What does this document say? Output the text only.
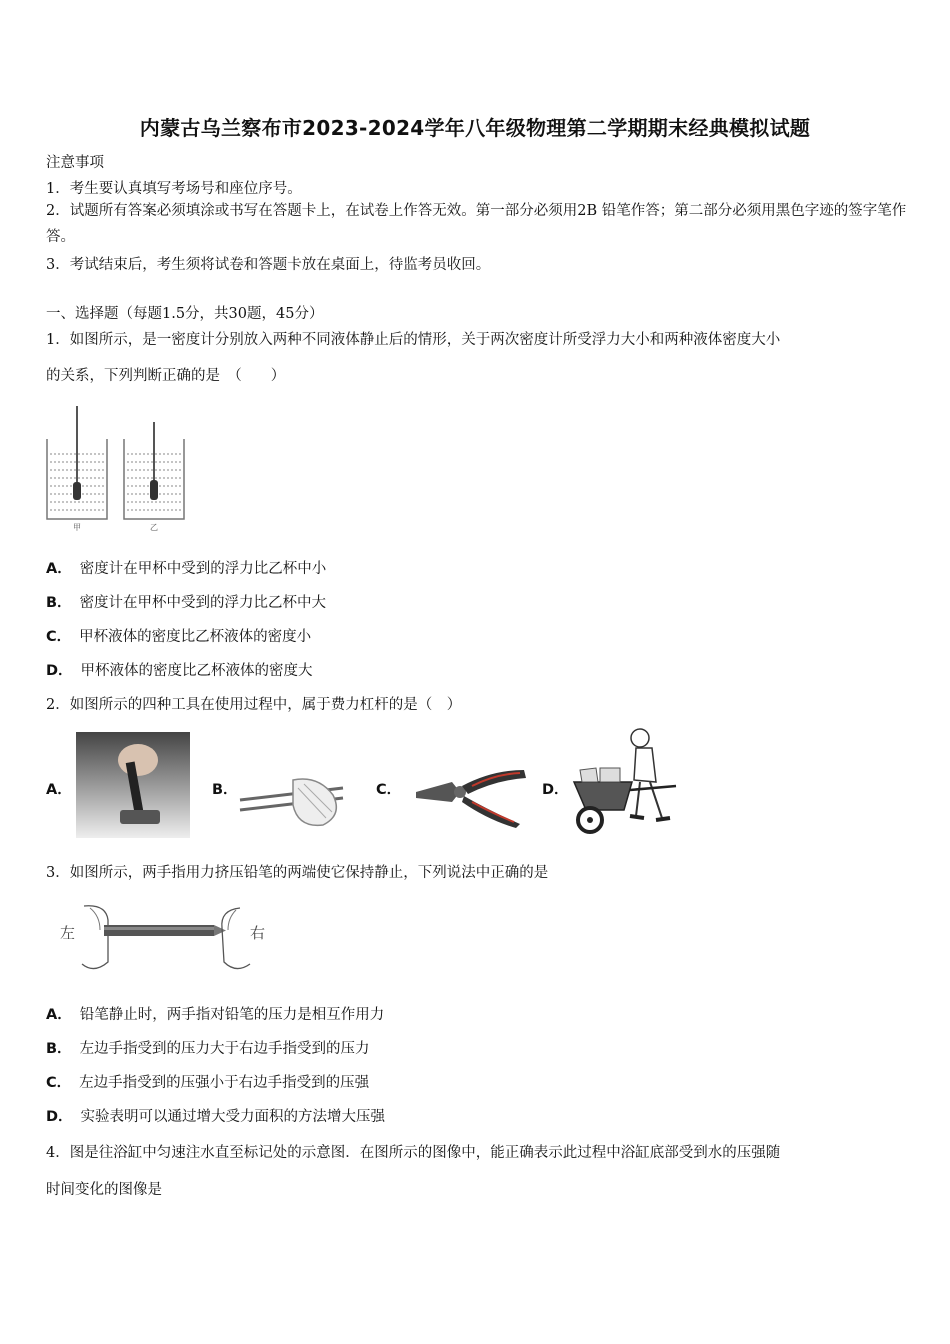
内蒙古乌兰察布市2023-2024学年八年级物理第二学期期末经典模拟试题
注意事项
1．考生要认真填写考场号和座位序号。
2．试题所有答案必须填涂或书写在答题卡上，在试卷上作答无效。第一部分必须用2B 铅笔作答；第二部分必须用黑色字迹的签字笔作答。
3．考试结束后，考生须将试卷和答题卡放在桌面上，待监考员收回。
一、选择题（每题1.5分，共30题，45分）
1．如图所示，是一密度计分别放入两种不同液体静止后的情形，关于两次密度计所受浮力大小和两种液体密度大小
的关系，下列判断正确的是　（　　）
甲	乙
A． 密度计在甲杯中受到的浮力比乙杯中小
B． 密度计在甲杯中受到的浮力比乙杯中大
C． 甲杯液体的密度比乙杯液体的密度小
D． 甲杯液体的密度比乙杯液体的密度大
2．如图所示的四种工具在使用过程中，属于费力杠杆的是（　）
A．	B．	C．	D．
3．如图所示，两手指用力挤压铅笔的两端使它保持静止，下列说法中正确的是
左	右
A． 铅笔静止时，两手指对铅笔的压力是相互作用力
B． 左边手指受到的压力大于右边手指受到的压力
C． 左边手指受到的压强小于右边手指受到的压强
D． 实验表明可以通过增大受力面积的方法增大压强
4．图是往浴缸中匀速注水直至标记处的示意图．在图所示的图像中，能正确表示此过程中浴缸底部受到水的压强随
时间变化的图像是
